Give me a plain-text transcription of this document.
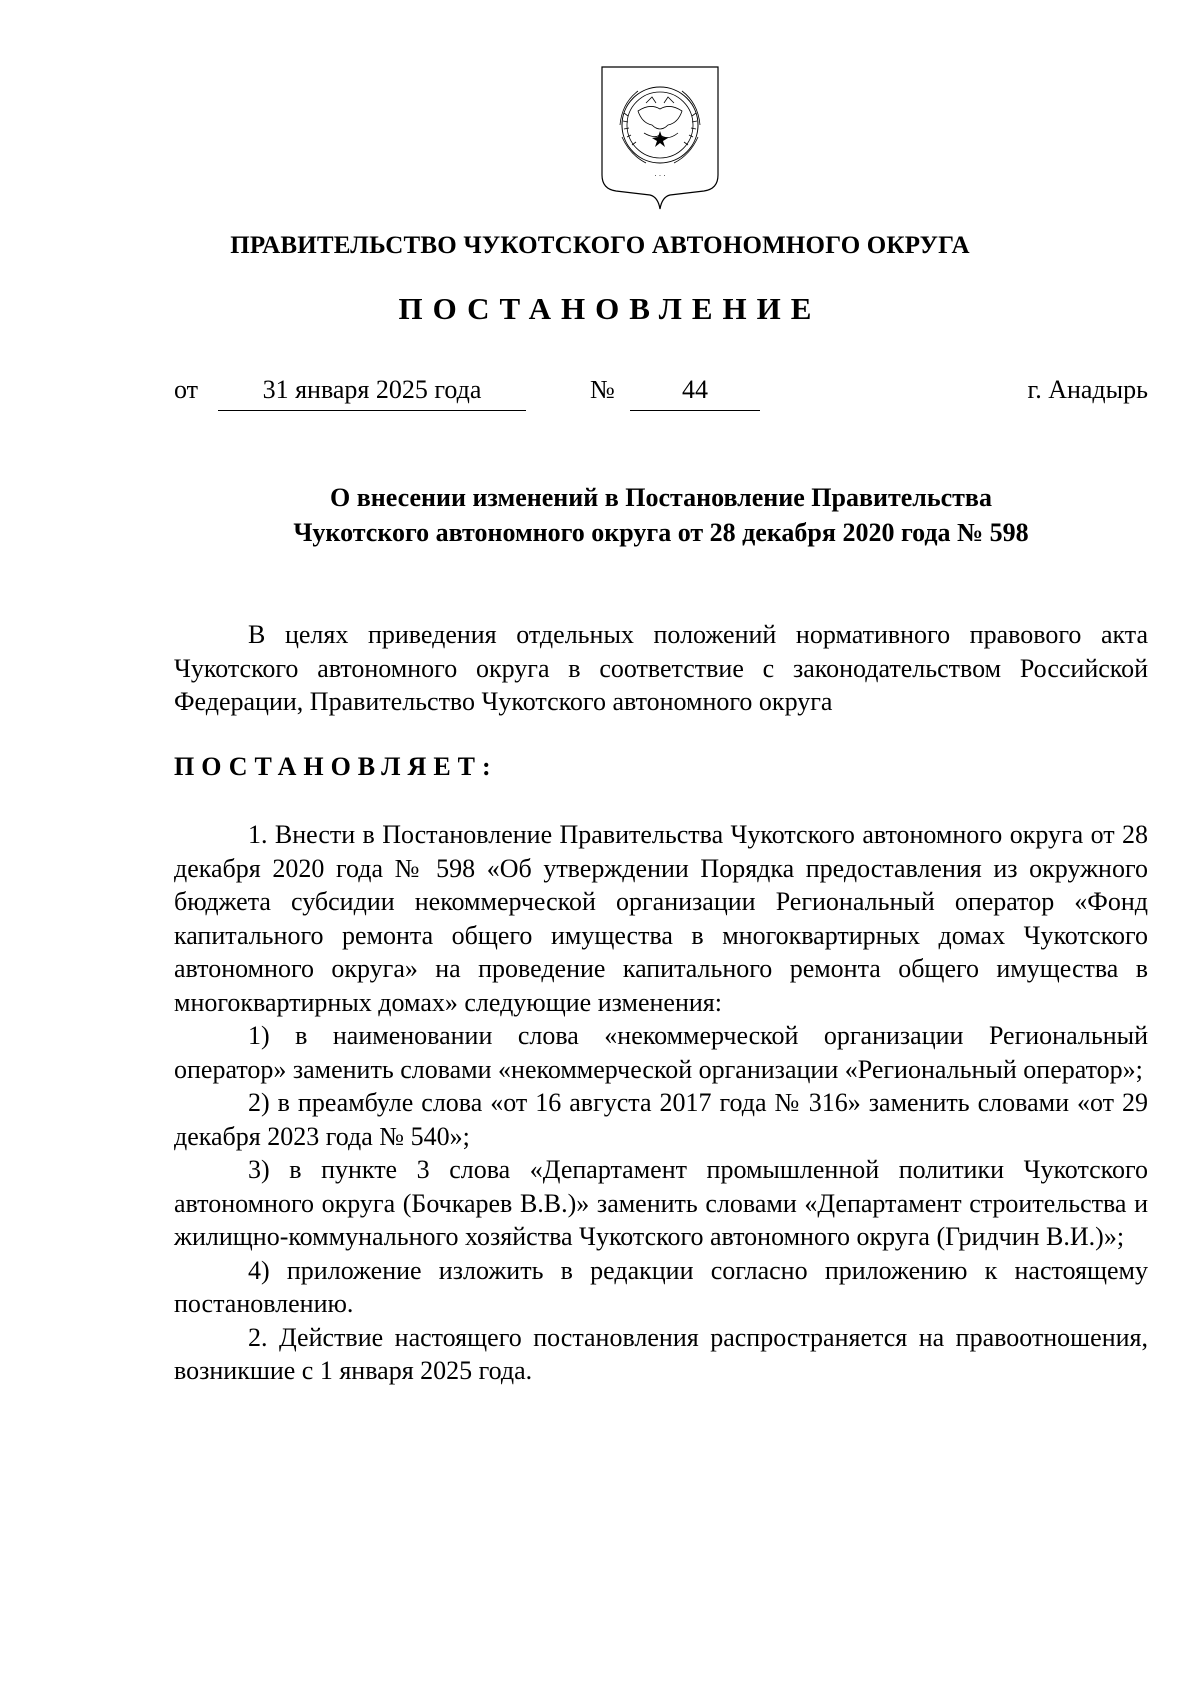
· · ·
ПРАВИТЕЛЬСТВО ЧУКОТСКОГО АВТОНОМНОГО ОКРУГА
ПОСТАНОВЛЕНИЕ
от	31 января 2025 года	№	44	г. Анадырь
О внесении изменений в Постановление Правительства
Чукотского автономного округа от 28 декабря 2020 года № 598

В целях приведения отдельных положений нормативного правового акта Чукотского автономного округа в соответствие с законодательством Российской Федерации, Правительство Чукотского автономного округа

ПОСТАНОВЛЯЕТ:

1. Внести в Постановление Правительства Чукотского автономного округа от 28 декабря 2020 года № 598 «Об утверждении Порядка предоставления из окружного бюджета субсидии некоммерческой организации Региональный оператор «Фонд капитального ремонта общего имущества в многоквартирных домах Чукотского автономного округа» на проведение капитального ремонта общего имущества в многоквартирных домах» следующие изменения:

1) в наименовании слова «некоммерческой организации Региональный оператор» заменить словами «некоммерческой организации «Региональный оператор»;

2) в преамбуле слова «от 16 августа 2017 года № 316» заменить словами «от 29 декабря 2023 года № 540»;

3) в пункте 3 слова «Департамент промышленной политики Чукотского автономного округа (Бочкарев В.В.)» заменить словами «Департамент строительства и жилищно-коммунального хозяйства Чукотского автономного округа (Гридчин В.И.)»;

4) приложение изложить в редакции согласно приложению к настоящему постановлению.

2. Действие настоящего постановления распространяется на правоотношения, возникшие с 1 января 2025 года.
